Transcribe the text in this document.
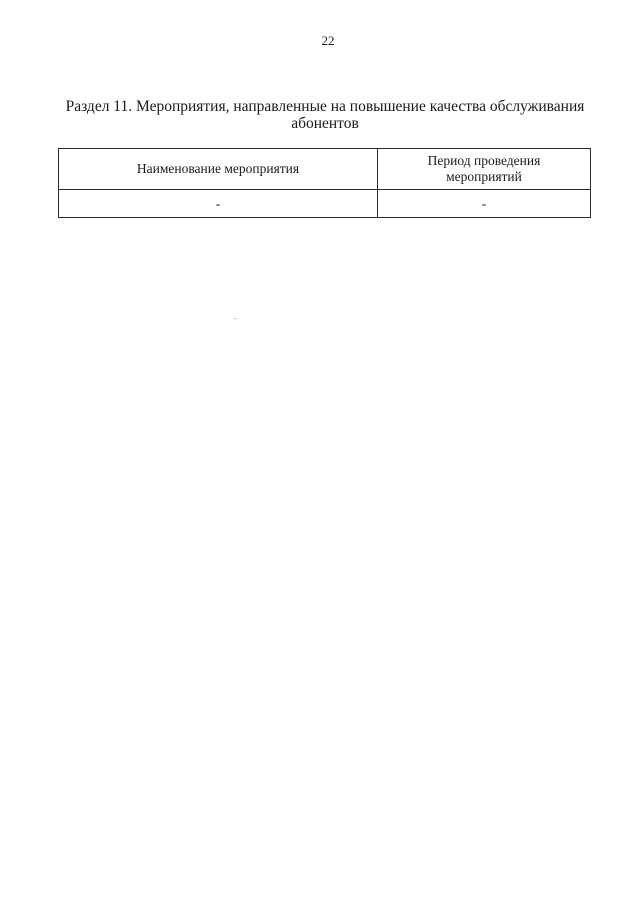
22
Раздел 11. Мероприятия, направленные на повышение качества обслуживания
абонентов
Наименование мероприятия	Период проведения
мероприятий

-	-
